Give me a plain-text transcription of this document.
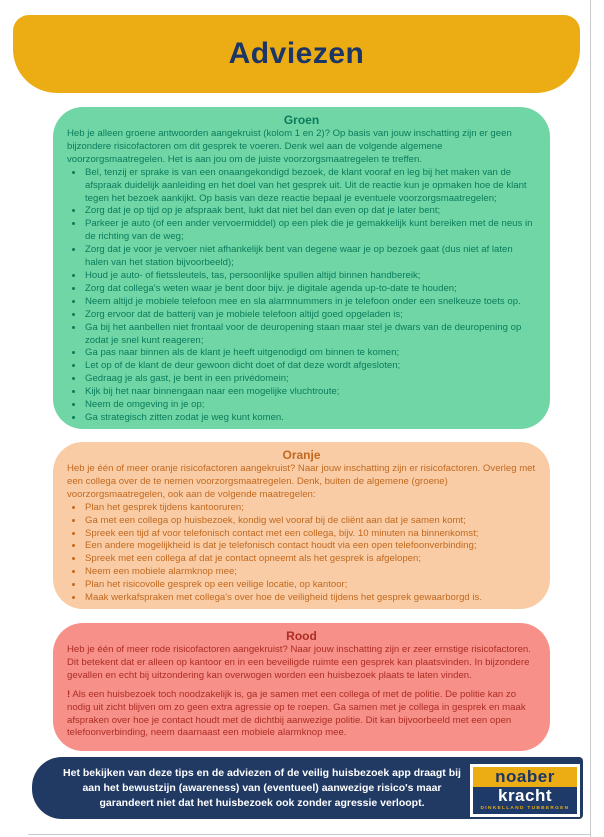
Adviezen
Groen

Heb je alleen groene antwoorden aangekruist (kolom 1 en 2)? Op basis van jouw inschatting zijn er geen bijzondere risicofactoren om dit gesprek te voeren. Denk wel aan de volgende algemene voorzorgsmaatregelen. Het is aan jou om de juiste voorzorgsmaatregelen te treffen.

• Bel, tenzij er sprake is van een onaangekondigd bezoek, de klant vooraf en leg bij het maken van de afspraak duidelijk aanleiding en het doel van het gesprek uit. Uit de reactie kun je opmaken hoe de klant tegen het bezoek aankijkt. Op basis van deze reactie bepaal je eventuele voorzorgsmaatregelen;
• Zorg dat je op tijd op je afspraak bent, lukt dat niet bel dan even op dat je later bent;
• Parkeer je auto (of een ander vervoermiddel) op een plek die je gemakkelijk kunt bereiken met de neus in de richting van de weg;
• Zorg dat je voor je vervoer niet afhankelijk bent van degene waar je op bezoek gaat (dus niet af laten halen van het station bijvoorbeeld);
• Houd je auto- of fietssleutels, tas, persoonlijke spullen altijd binnen handbereik;
• Zorg dat collega's weten waar je bent door bijv. je digitale agenda up-to-date te houden;
• Neem altijd je mobiele telefoon mee en sla alarmnummers in je telefoon onder een snelkeuze toets op.
• Zorg ervoor dat de batterij van je mobiele telefoon altijd goed opgeladen is;
• Ga bij het aanbellen niet frontaal voor de deuropening staan maar stel je dwars van de deuropening op zodat je snel kunt reageren;
• Ga pas naar binnen als de klant je heeft uitgenodigd om binnen te komen;
• Let op of de klant de deur gewoon dicht doet of dat deze wordt afgesloten;
• Gedraag je als gast, je bent in een privédomein;
• Kijk bij het naar binnengaan naar een mogelijke vluchtroute;
• Neem de omgeving in je op;
• Ga strategisch zitten zodat je weg kunt komen.
Oranje

Heb je één of meer oranje risicofactoren aangekruist? Naar jouw inschatting zijn er risicofactoren. Overleg met een collega over de te nemen voorzorgsmaatregelen. Denk, buiten de algemene (groene) voorzorgsmaatregelen, ook aan de volgende maatregelen:

• Plan het gesprek tijdens kantooruren;
• Ga met een collega op huisbezoek, kondig wel vooraf bij de cliënt aan dat je samen komt;
• Spreek een tijd af voor telefonisch contact met een collega, bijv. 10 minuten na binnenkomst;
• Een andere mogelijkheid is dat je telefonisch contact houdt via een open telefoonverbinding;
• Spreek met een collega af dat je contact opneemt als het gesprek is afgelopen;
• Neem een mobiele alarmknop mee;
• Plan het risicovolle gesprek op een veilige locatie, op kantoor;
• Maak werkafspraken met collega's over hoe de veiligheid tijdens het gesprek gewaarborgd is.
Rood

Heb je één of meer rode risicofactoren aangekruist? Naar jouw inschatting zijn er zeer ernstige risicofactoren. Dit betekent dat er alleen op kantoor en in een beveiligde ruimte een gesprek kan plaatsvinden. In bijzondere gevallen en echt bij uitzondering kan overwogen worden een huisbezoek plaats te laten vinden.

! Als een huisbezoek toch noodzakelijk is, ga je samen met een collega of met de politie. De politie kan zo nodig uit zicht blijven om zo geen extra agressie op te roepen. Ga samen met je collega in gesprek en maak afspraken over hoe je contact houdt met de dichtbij aanwezige politie. Dit kan bijvoorbeeld met een open telefoonverbinding, neem daarnaast een mobiele alarmknop mee.

Het bekijken van deze tips en de adviezen of de veilig huisbezoek app draagt bij aan het bewustzijn (awareness) van (eventueel) aanwezige risico's maar garandeert niet dat het huisbezoek ook zonder agressie verloopt.

noaber
kracht
DINKELLAND TUBBERGEN
